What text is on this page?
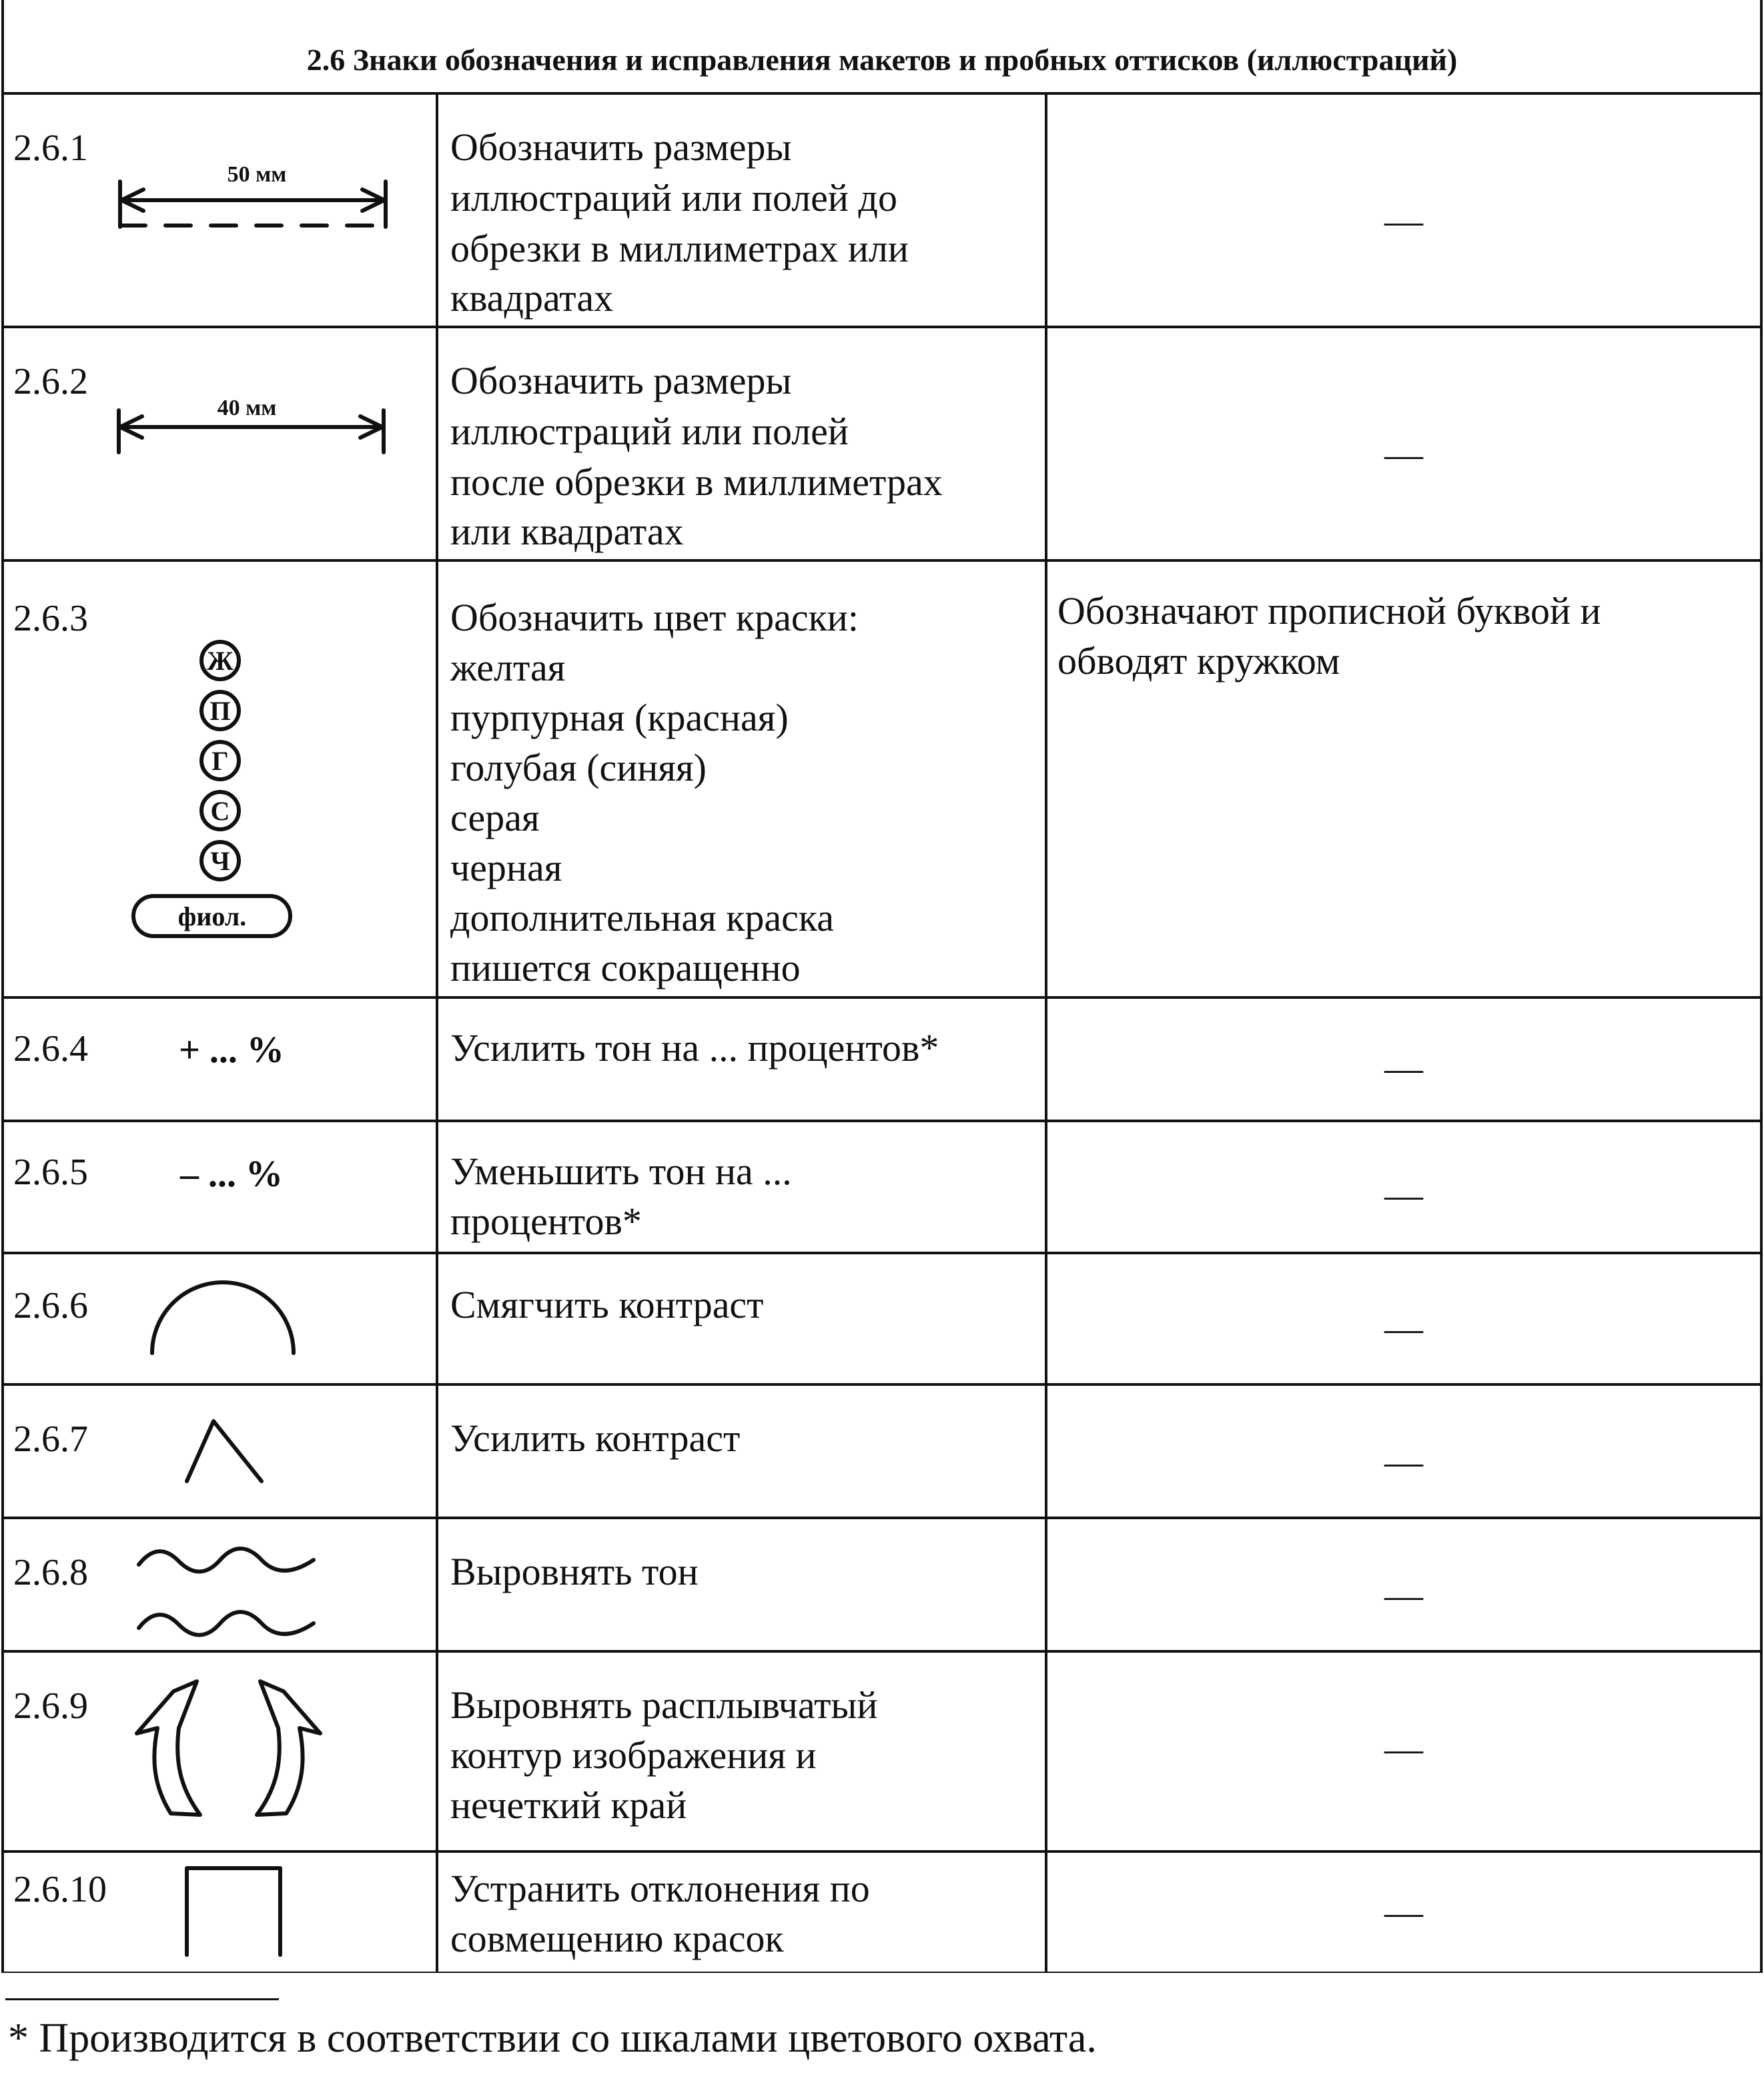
2.6 Знаки обозначения и исправления макетов и пробных оттисков (иллюстраций)
2.6.1
2.6.2
2.6.3
2.6.4
2.6.5
2.6.6
2.6.7
2.6.8
2.6.9
2.6.10
50 мм
40 мм
Ж
П
Г
С
Ч
фиол.
+ ... %
– ... %
Обозначить размеры иллюстраций или полей до обрезки в миллиметрах или квадратах
Обозначить размеры иллюстраций или полей после обрезки в миллиметрах или квадратах
Обозначить цвет краски: желтая пурпурная (красная) голубая (синяя) серая черная дополнительная краска пишется сокращенно
Усилить тон на ... процентов*
Уменьшить тон на ... процентов*
Смягчить контраст
Усилить контраст
Выровнять тон
Выровнять расплывчатый контур изображения и нечеткий край
Устранить отклонения по совмещению красок
—
—
Обозначают прописной буквой и обводят кружком
—
—
—
—
—
—
—
* Производится в соответствии со шкалами цветового охвата.
